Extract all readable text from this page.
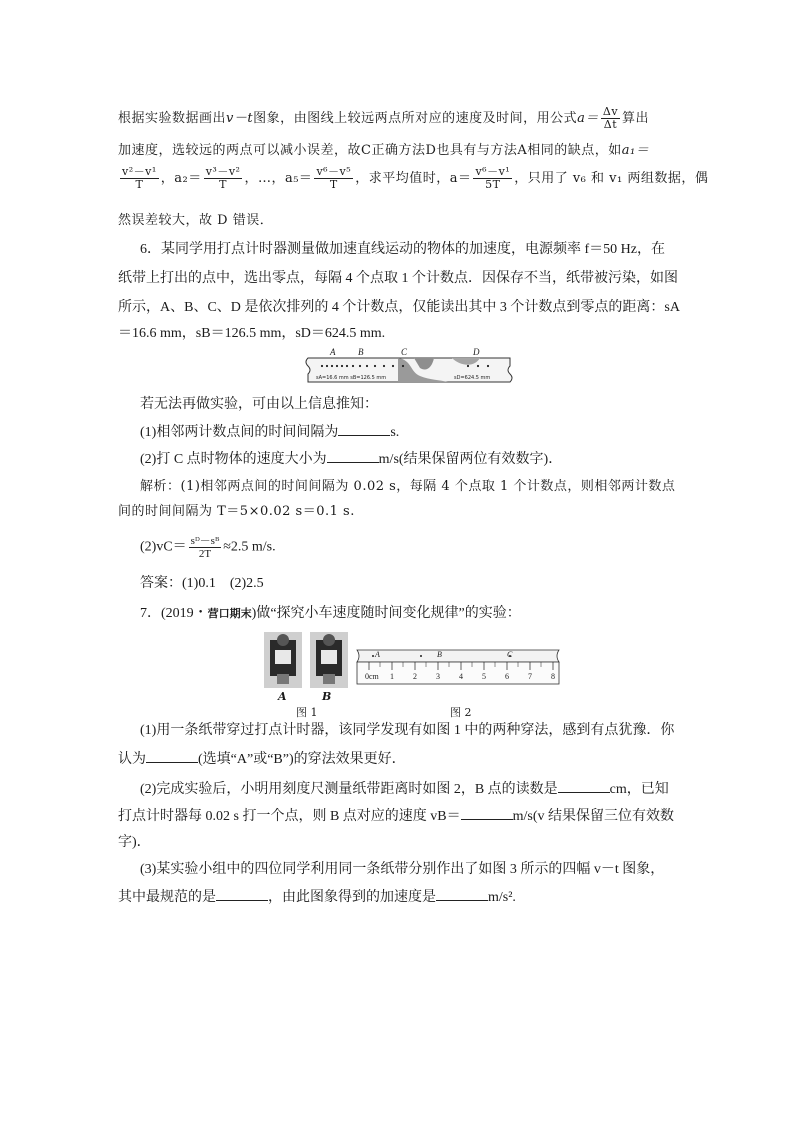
根据实验数据画出v－t图象，由图线上较远两点所对应的速度及时间，用公式$a= \frac{\Delta v}{\Delta t}$ 算出
加速度，选较远的两点可以减小误差，故C正确方法D也具有与方法A相同的缺点，如a₁＝
$\frac{\text{v²－v¹}}{T}$ ，$a_2= \frac{\text{v³－v²}}{T}$ ，…，$a_5= \frac{\text{v⁶－v⁵}}{T}$ ，求平均值时，$a= \frac{\text{v⁶－v¹}}{5T}$ ，只用了 v₆ 和 v₁ 两组数据，偶
然误差较大，故 D 错误．
6．某同学用打点计时器测量做加速直线运动的物体的加速度，电源频率 f＝50 Hz，在
纸带上打出的点中，选出零点，每隔 4 个点取 1 个计数点．因保存不当，纸带被污染，如图
所示，A、B、C、D 是依次排列的 4 个计数点，仅能读出其中 3 个计数点到零点的距离：sA
＝16.6 mm，sB＝126.5 mm，sD＝624.5 mm.
A	B	C	D
sA=16.6 mm sB=126.5 mm	sD=624.5 mm
若无法再做实验，可由以上信息推知：
(1)相邻两计数点间的时间间隔为	s.
(2)打 C 点时物体的速度大小为	m/s(结果保留两位有效数字)．
解析：(1)相邻两点间的时间间隔为 0.02 s，每隔 4 个点取 1 个计数点，则相邻两计数点
间的时间间隔为 T＝5×0.02 s＝0.1 s.
$(2)vC= \frac{\text{sᴰ－sᴮ}}{2T} \approx 2.5$ m/s.
答案：(1)0.1　(2)2.5
7．(2019・营口期末)做“探究小车速度随时间变化规律”的实验：
A	B
图 1
A	B	C
0cm 1 2 3 4 5 6 7 8
图 2
(1)用一条纸带穿过打点计时器，该同学发现有如图 1 中的两种穿法，感到有点犹豫．你
认为	(选填“A”或“B”)的穿法效果更好．
(2)完成实验后，小明用刻度尺测量纸带距离时如图 2，B 点的读数是	cm，已知
打点计时器每 0.02 s 打一个点，则 B 点对应的速度 vB＝	m/s(v 结果保留三位有效数
字)．
(3)某实验小组中的四位同学利用同一条纸带分别作出了如图 3 所示的四幅 v－t 图象，
其中最规范的是	，由此图象得到的加速度是	m/s².
